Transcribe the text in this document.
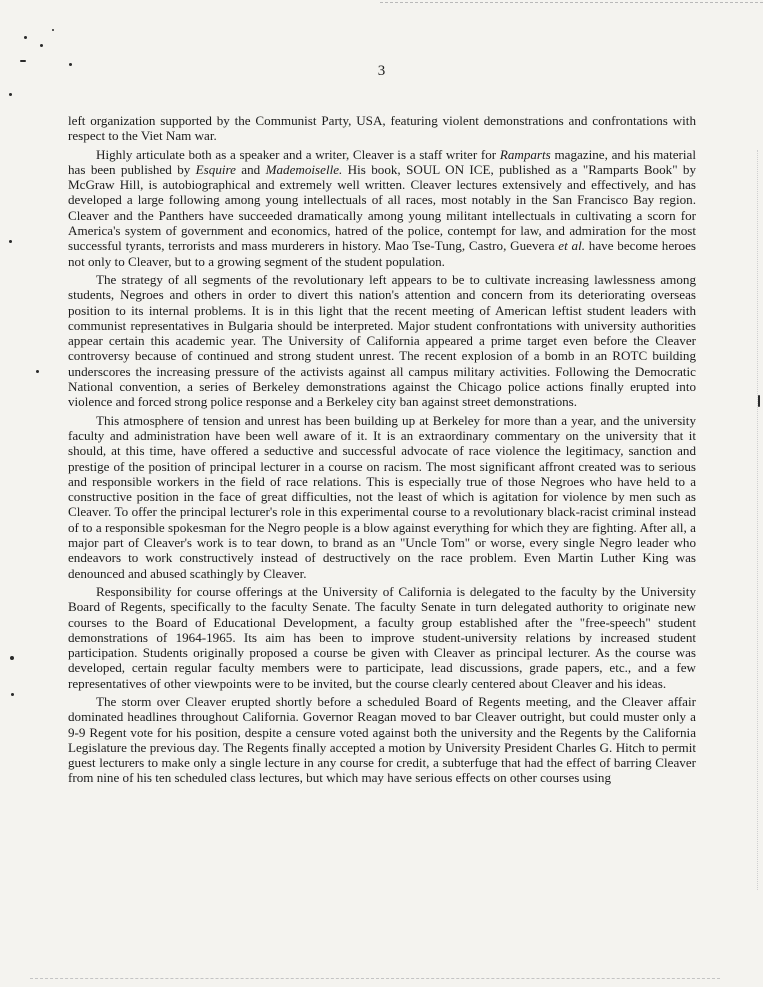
3

left organization supported by the Communist Party, USA, featuring violent demonstrations and confrontations with respect to the Viet Nam war.

Highly articulate both as a speaker and a writer, Cleaver is a staff writer for Ramparts magazine, and his material has been published by Esquire and Mademoiselle. His book, SOUL ON ICE, published as a "Ramparts Book" by McGraw Hill, is autobiographical and extremely well written. Cleaver lectures extensively and effectively, and has developed a large following among young intellectuals of all races, most notably in the San Francisco Bay region. Cleaver and the Panthers have succeeded dramatically among young militant intellectuals in cultivating a scorn for America's system of government and economics, hatred of the police, contempt for law, and admiration for the most successful tyrants, terrorists and mass murderers in history. Mao Tse-Tung, Castro, Guevera et al. have become heroes not only to Cleaver, but to a growing segment of the student population.

The strategy of all segments of the revolutionary left appears to be to cultivate increasing lawlessness among students, Negroes and others in order to divert this nation's attention and concern from its deteriorating overseas position to its internal problems. It is in this light that the recent meeting of American leftist student leaders with communist representatives in Bulgaria should be interpreted. Major student confrontations with university authorities appear certain this academic year. The University of California appeared a prime target even before the Cleaver controversy because of continued and strong student unrest. The recent explosion of a bomb in an ROTC building underscores the increasing pressure of the activists against all campus military activities. Following the Democratic National convention, a series of Berkeley demonstrations against the Chicago police actions finally erupted into violence and forced strong police response and a Berkeley city ban against street demonstrations.

This atmosphere of tension and unrest has been building up at Berkeley for more than a year, and the university faculty and administration have been well aware of it. It is an extraordinary commentary on the university that it should, at this time, have offered a seductive and successful advocate of race violence the legitimacy, sanction and prestige of the position of principal lecturer in a course on racism. The most significant affront created was to serious and responsible workers in the field of race relations. This is especially true of those Negroes who have held to a constructive position in the face of great difficulties, not the least of which is agitation for violence by men such as Cleaver. To offer the principal lecturer's role in this experimental course to a revolutionary black-racist criminal instead of to a responsible spokesman for the Negro people is a blow against everything for which they are fighting. After all, a major part of Cleaver's work is to tear down, to brand as an "Uncle Tom" or worse, every single Negro leader who endeavors to work constructively instead of destructively on the race problem. Even Martin Luther King was denounced and abused scathingly by Cleaver.

Responsibility for course offerings at the University of California is delegated to the faculty by the University Board of Regents, specifically to the faculty Senate. The faculty Senate in turn delegated authority to originate new courses to the Board of Educational Development, a faculty group established after the "free-speech" student demonstrations of 1964-1965. Its aim has been to improve student-university relations by increased student participation. Students originally proposed a course be given with Cleaver as principal lecturer. As the course was developed, certain regular faculty members were to participate, lead discussions, grade papers, etc., and a few representatives of other viewpoints were to be invited, but the course clearly centered about Cleaver and his ideas.

The storm over Cleaver erupted shortly before a scheduled Board of Regents meeting, and the Cleaver affair dominated headlines throughout California. Governor Reagan moved to bar Cleaver outright, but could muster only a 9-9 Regent vote for his position, despite a censure voted against both the university and the Regents by the California Legislature the previous day. The Regents finally accepted a motion by University President Charles G. Hitch to permit guest lecturers to make only a single lecture in any course for credit, a subterfuge that had the effect of barring Cleaver from nine of his ten scheduled class lectures, but which may have serious effects on other courses using
